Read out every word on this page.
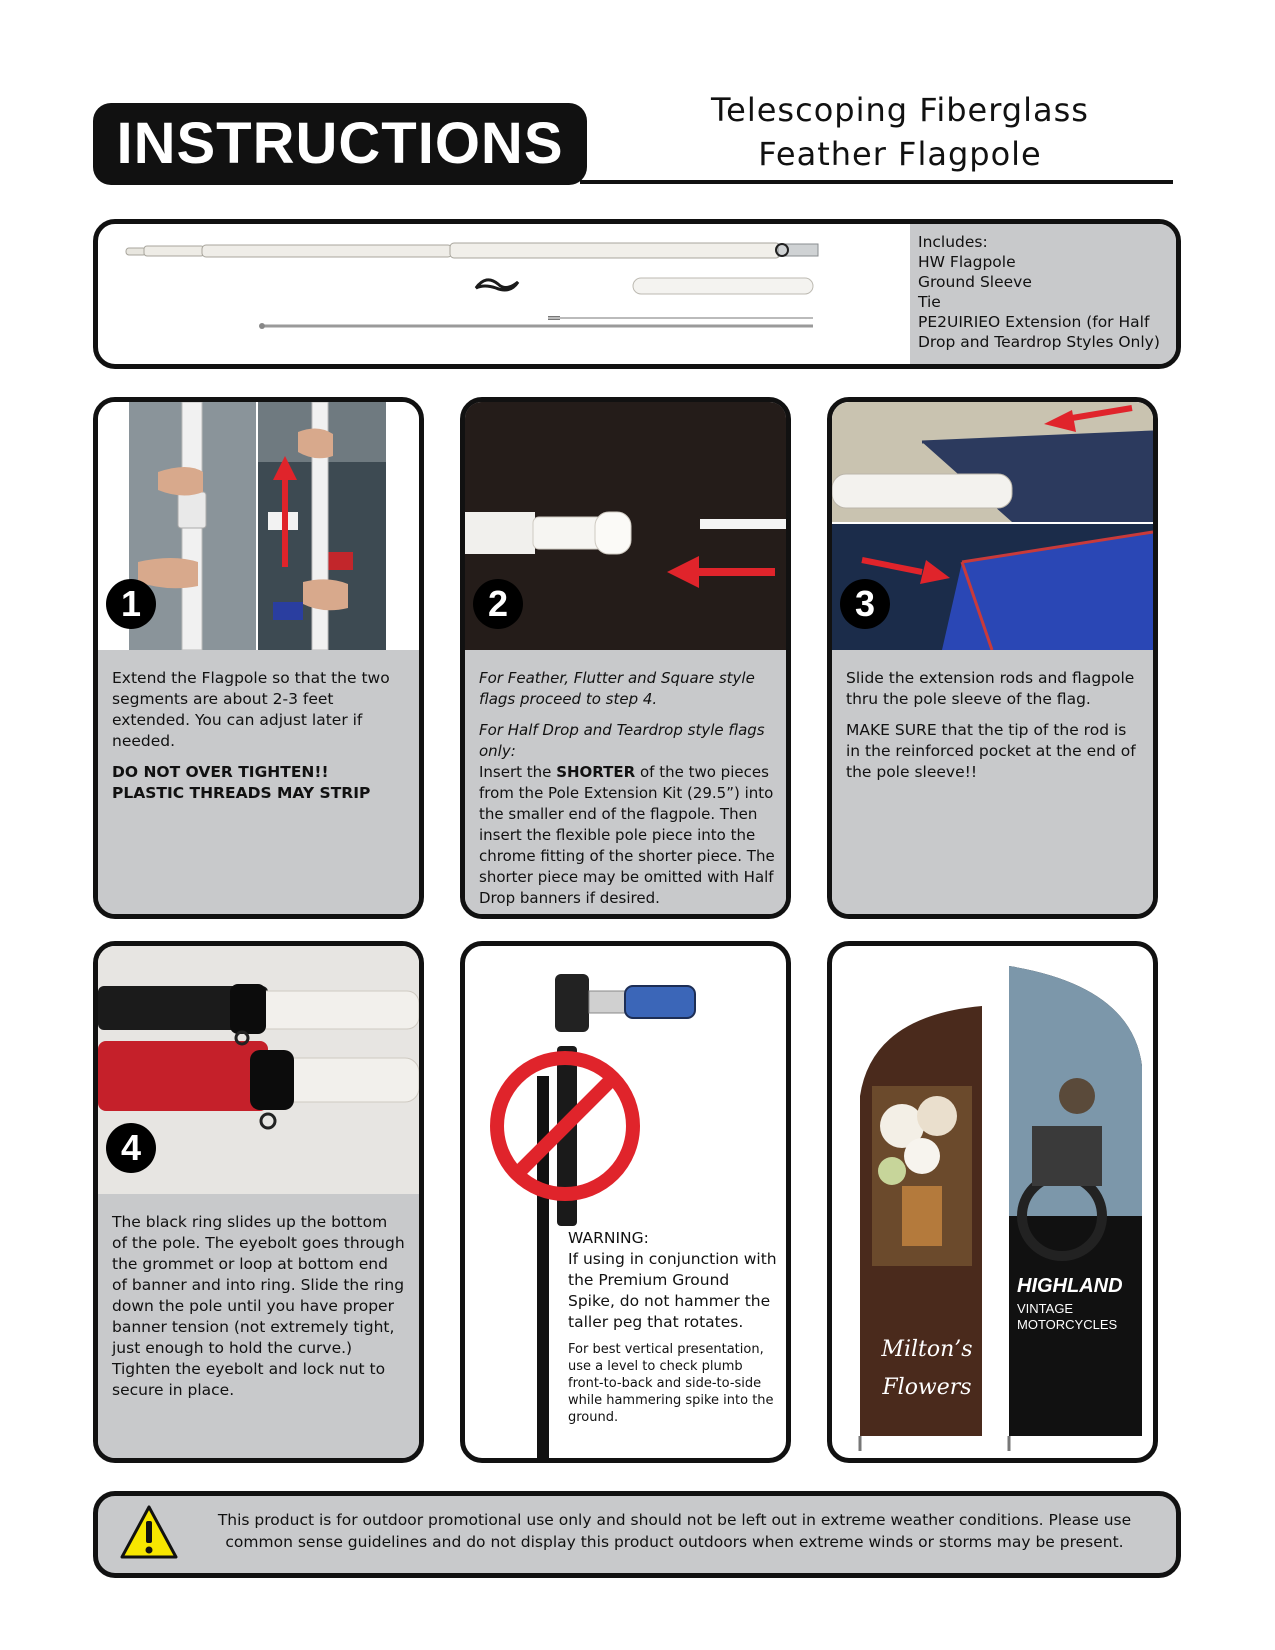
INSTRUCTIONS
Telescoping Fiberglass
Feather Flagpole
Includes:
HW Flagpole
Ground Sleeve
Tie
PE2UIRIEO Extension (for Half
Drop and Teardrop Styles Only)
1

Extend the Flagpole so that the two segments are about 2-3 feet extended. You can adjust later if needed.

DO NOT OVER TIGHTEN!!
PLASTIC THREADS MAY STRIP
2

For Feather, Flutter and Square style flags proceed to step 4.

For Half Drop and Teardrop style flags only:
Insert the SHORTER of the two pieces from the Pole Extension Kit (29.5”) into the smaller end of the flagpole. Then insert the flexible pole piece into the chrome fitting of the shorter piece. The shorter piece may be omitted with Half Drop banners if desired.
3

Slide the extension rods and flagpole thru the pole sleeve of the flag.

MAKE SURE that the tip of the rod is in the reinforced pocket at the end of the pole sleeve!!

4

The black ring slides up the bottom of the pole. The eyebolt goes through the grommet or loop at bottom end of banner and into ring. Slide the ring down the pole until you have proper banner tension (not extremely tight, just enough to hold the curve.) Tighten the eyebolt and lock nut to secure in place.

WARNING:
If using in conjunction with the Premium Ground Spike, do not hammer the taller peg that rotates.
For best vertical presentation, use a level to check plumb front-to-back and side-to-side while hammering spike into the ground.
Milton’s
Flowers
HIGHLAND
VINTAGE
MOTORCYCLES
This product is for outdoor promotional use only and should not be left out in extreme weather conditions. Please use common sense guidelines and do not display this product outdoors when extreme winds or storms may be present.
